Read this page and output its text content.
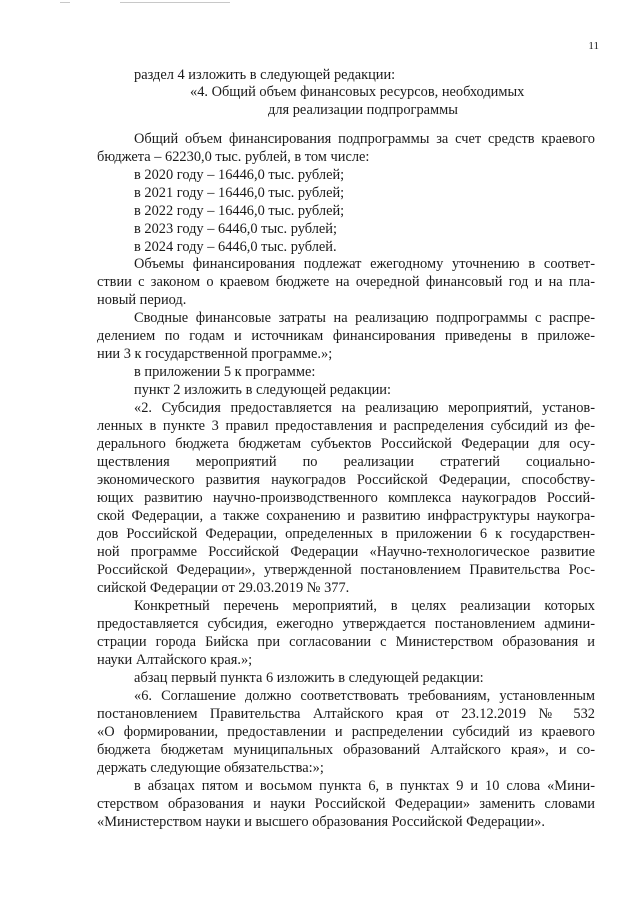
11
раздел 4 изложить в следующей редакции:
«4. Общий объем финансовых ресурсов, необходимых
для реализации подпрограммы
Общий объем финансирования подпрограммы за счет средств краевого
бюджета – 62230,0 тыс. рублей, в том числе:
в 2020 году – 16446,0 тыс. рублей;
в 2021 году – 16446,0 тыс. рублей;
в 2022 году – 16446,0 тыс. рублей;
в 2023 году – 6446,0 тыс. рублей;
в 2024 году – 6446,0 тыс. рублей.
Объемы финансирования подлежат ежегодному уточнению в соответ-
ствии с законом о краевом бюджете на очередной финансовый год и на пла-
новый период.
Сводные финансовые затраты на реализацию подпрограммы с распре-
делением по годам и источникам финансирования приведены в приложе-
нии 3 к государственной программе.»;
в приложении 5 к программе:
пункт 2 изложить в следующей редакции:
«2. Субсидия предоставляется на реализацию мероприятий, установ-
ленных в пункте 3 правил предоставления и распределения субсидий из фе-
дерального бюджета бюджетам субъектов Российской Федерации для осу-
ществления мероприятий по реализации стратегий социально-
экономического развития наукоградов Российской Федерации, способству-
ющих развитию научно-производственного комплекса наукоградов Россий-
ской Федерации, а также сохранению и развитию инфраструктуры наукогра-
дов Российской Федерации, определенных в приложении 6 к государствен-
ной программе Российской Федерации «Научно-технологическое развитие
Российской Федерации», утвержденной постановлением Правительства Рос-
сийской Федерации от 29.03.2019 № 377.
Конкретный перечень мероприятий, в целях реализации которых
предоставляется субсидия, ежегодно утверждается постановлением админи-
страции города Бийска при согласовании с Министерством образования и
науки Алтайского края.»;
абзац первый пункта 6 изложить в следующей редакции:
«6. Соглашение должно соответствовать требованиям, установленным
постановлением Правительства Алтайского края от 23.12.2019 № 532
«О формировании, предоставлении и распределении субсидий из краевого
бюджета бюджетам муниципальных образований Алтайского края», и со-
держать следующие обязательства:»;
в абзацах пятом и восьмом пункта 6, в пунктах 9 и 10 слова «Мини-
стерством образования и науки Российской Федерации» заменить словами
«Министерством науки и высшего образования Российской Федерации».
